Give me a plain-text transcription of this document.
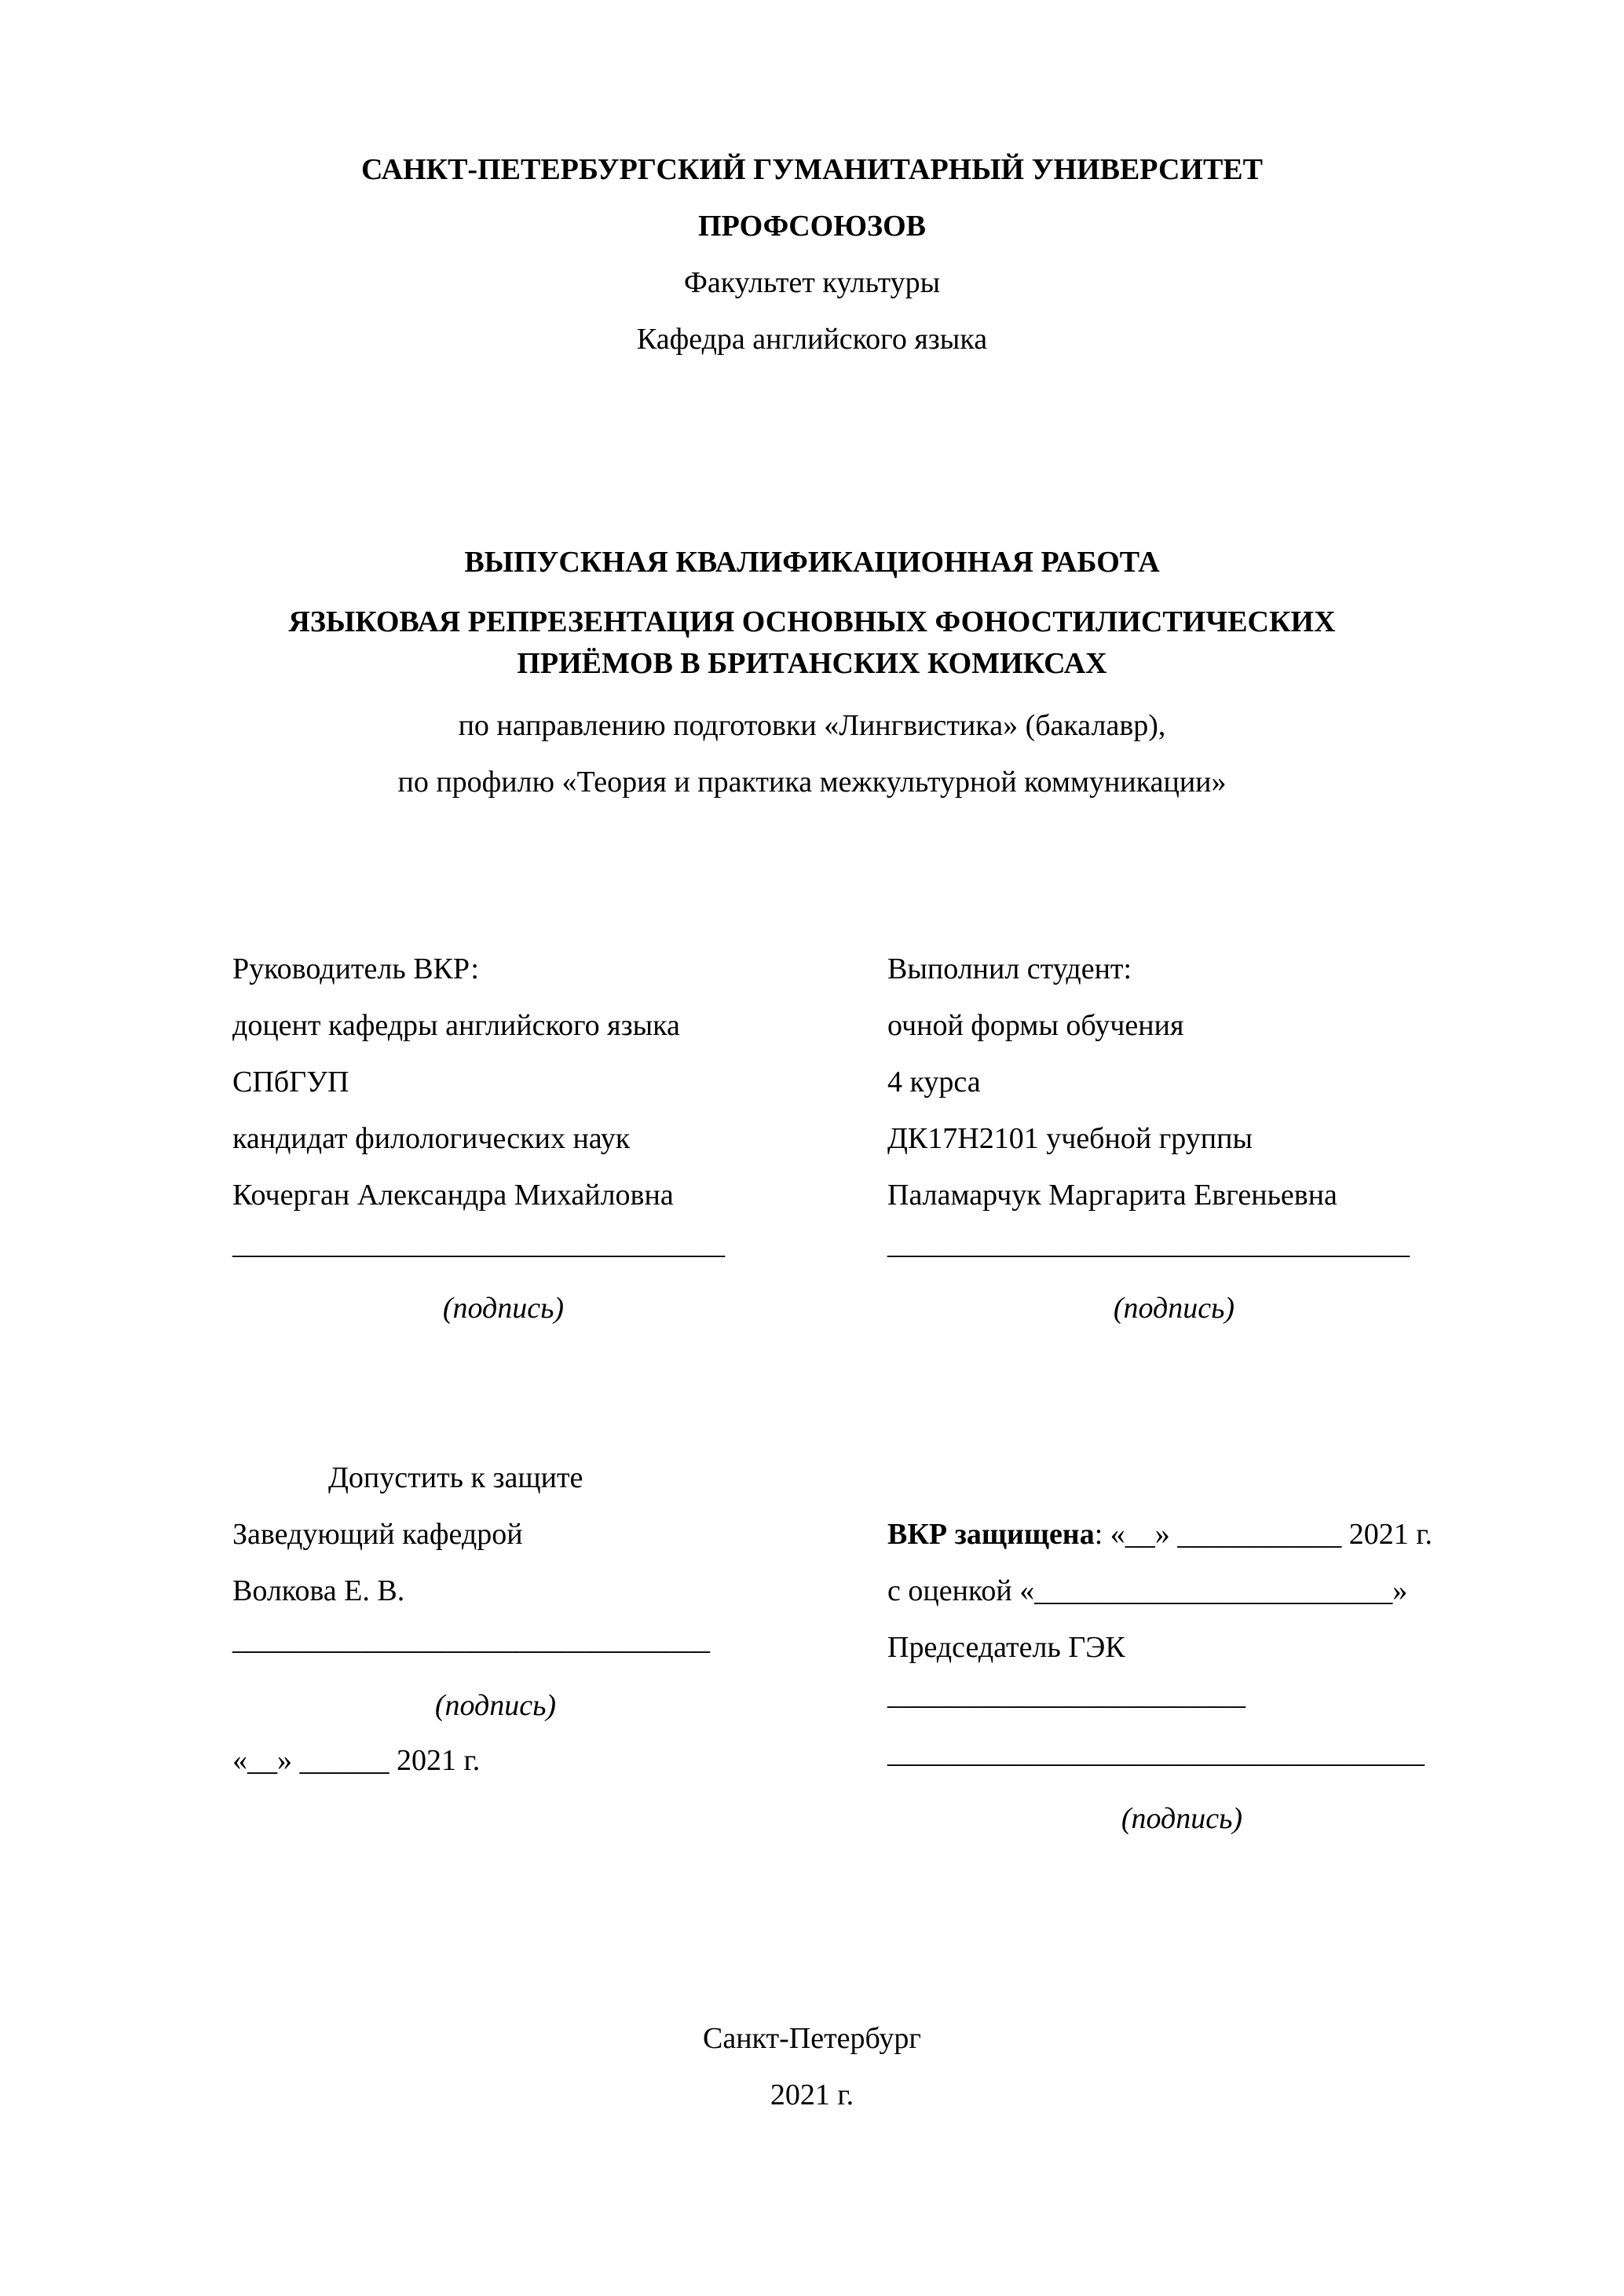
САНКТ-ПЕТЕРБУРГСКИЙ ГУМАНИТАРНЫЙ УНИВЕРСИТЕТ
ПРОФСОЮЗОВ
Факультет культуры
Кафедра английского языка
ВЫПУСКНАЯ КВАЛИФИКАЦИОННАЯ РАБОТА
ЯЗЫКОВАЯ РЕПРЕЗЕНТАЦИЯ ОСНОВНЫХ ФОНОСТИЛИСТИЧЕСКИХ
ПРИЁМОВ В БРИТАНСКИХ КОМИКСАХ
по направлению подготовки «Лингвистика» (бакалавр),
по профилю «Теория и практика межкультурной коммуникации»
Руководитель ВКР:
доцент кафедры английского языка
СПбГУП
кандидат филологических наук
Кочерган Александра Михайловна
_________________________________
(подпись)
Выполнил студент:
очной формы обучения
4 курса
ДК17Н2101 учебной группы
Паламарчук Маргарита Евгеньевна
___________________________________
(подпись)
Допустить к защите
Заведующий кафедрой
Волкова Е. В.
________________________________
(подпись)
«__» ______ 2021 г.
ВКР защищена: «__» ___________ 2021 г.
с оценкой «________________________»
Председатель ГЭК
________________________
____________________________________
(подпись)
Санкт-Петербург
2021 г.
